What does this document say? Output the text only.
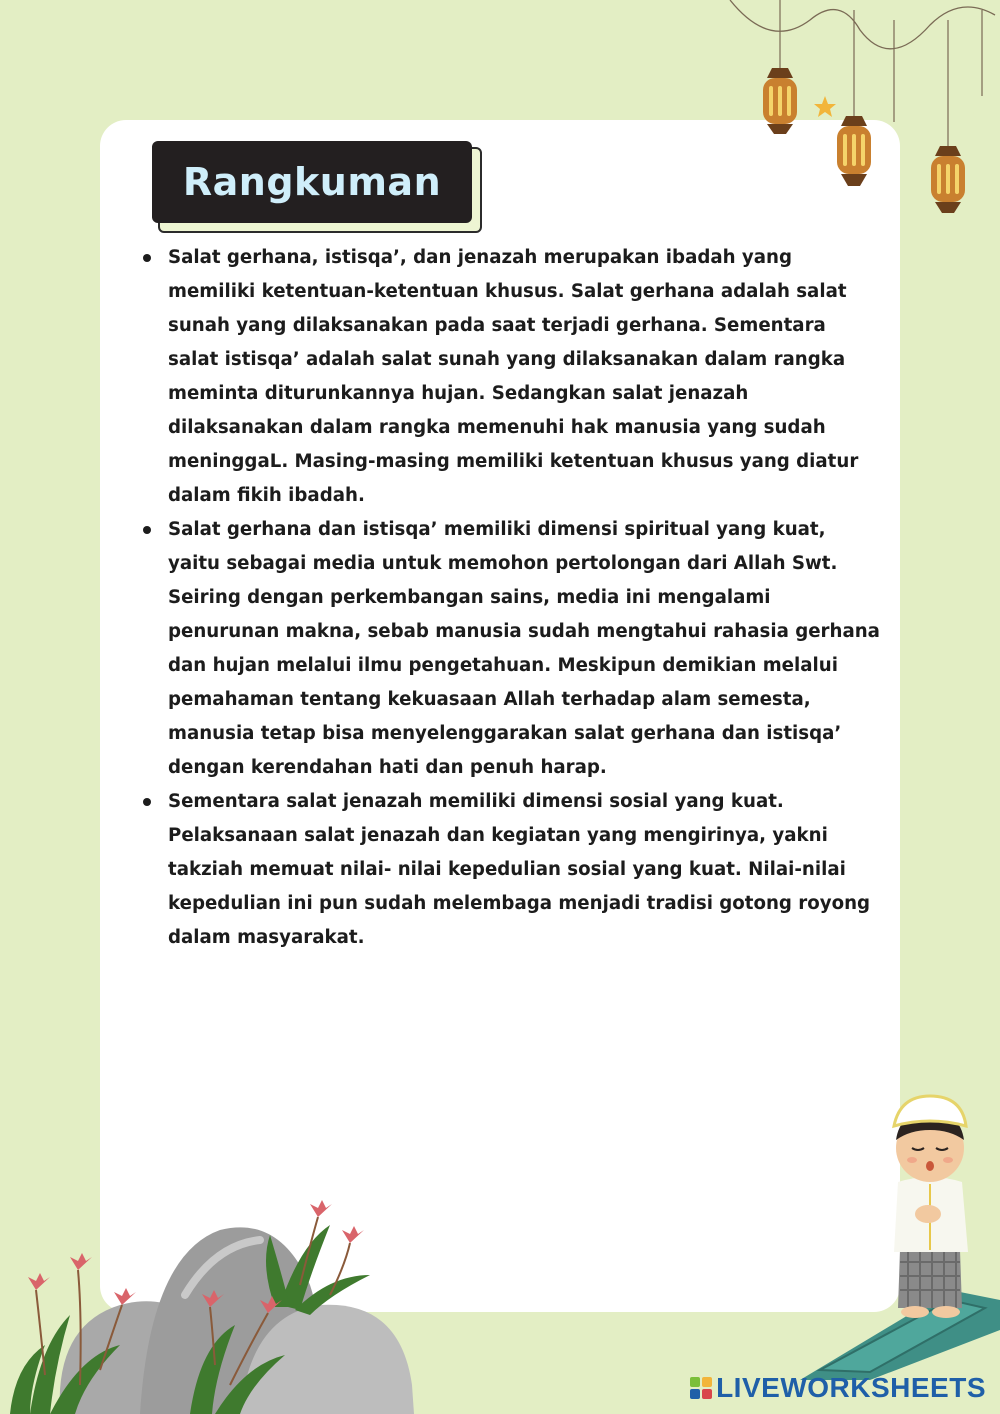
Rangkuman
Salat gerhana, istisqa’, dan jenazah merupakan ibadah yang memiliki ketentuan-ketentuan khusus. Salat gerhana adalah salat sunah yang dilaksanakan pada saat terjadi gerhana. Sementara salat istisqa’ adalah salat sunah yang dilaksanakan dalam rangka meminta diturunkannya hujan. Sedangkan salat jenazah dilaksanakan dalam rangka memenuhi hak manusia yang sudah meninggaL. Masing-masing memiliki ketentuan khusus yang diatur dalam fikih ibadah.
Salat gerhana dan istisqa’ memiliki dimensi spiritual yang kuat, yaitu sebagai media untuk memohon pertolongan dari Allah Swt. Seiring dengan perkembangan sains, media ini mengalami penurunan makna, sebab manusia sudah mengtahui rahasia gerhana dan hujan melalui ilmu pengetahuan. Meskipun demikian melalui pemahaman tentang kekuasaan Allah terhadap alam semesta, manusia tetap bisa menyelenggarakan salat gerhana dan istisqa’ dengan kerendahan hati dan penuh harap.
Sementara salat jenazah memiliki dimensi sosial yang kuat. Pelaksanaan salat jenazah dan kegiatan yang mengirinya, yakni takziah memuat nilai- nilai kepedulian sosial yang kuat. Nilai-nilai kepedulian ini pun sudah melembaga menjadi tradisi gotong royong dalam masyarakat.
LIVEWORKSHEETS
